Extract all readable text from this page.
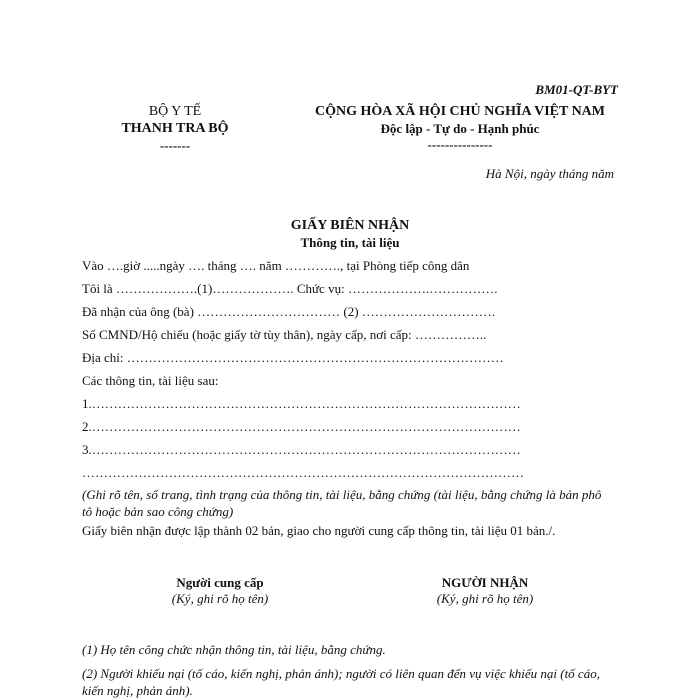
BM01-QT-BYT
BỘ Y TẾ
THANH TRA BỘ
-------
CỘNG HÒA XÃ HỘI CHỦ NGHĨA VIỆT NAM
Độc lập - Tự do - Hạnh phúc
---------------
Hà Nội, ngày tháng năm
GIẤY BIÊN NHẬN
Thông tin, tài liệu
Vào ….giờ .....ngày …. tháng …. năm …………., tại Phòng tiếp công dân
Tôi là ……………….(1)………………. Chức vụ: ……………….…………….
Đã nhận của ông (bà) …………………………… (2) ………………………….
Số CMND/Hộ chiếu (hoặc giấy tờ tùy thân), ngày cấp, nơi cấp: ……………..
Địa chỉ: ……………………………………………………………………………
Các thông tin, tài liệu sau:
1.………………………………………………………………………………………
2.………………………………………………………………………………………
3.………………………………………………………………………………………
…………………………………………………………………………………………
(Ghi rõ tên, số trang, tình trạng của thông tin, tài liệu, bằng chứng (tài liệu, bằng chứng là bản phô tô hoặc bản sao công chứng)
Giấy biên nhận được lập thành 02 bản, giao cho người cung cấp thông tin, tài liệu 01 bản./.
Người cung cấp
(Ký, ghi rõ họ tên)
NGƯỜI NHẬN
(Ký, ghi rõ họ tên)
(1) Họ tên công chức nhận thông tin, tài liệu, bằng chứng.
(2) Người khiếu nại (tố cáo, kiến nghị, phản ánh); người có liên quan đến vụ việc khiếu nại (tố cáo, kiến nghị, phản ánh).
